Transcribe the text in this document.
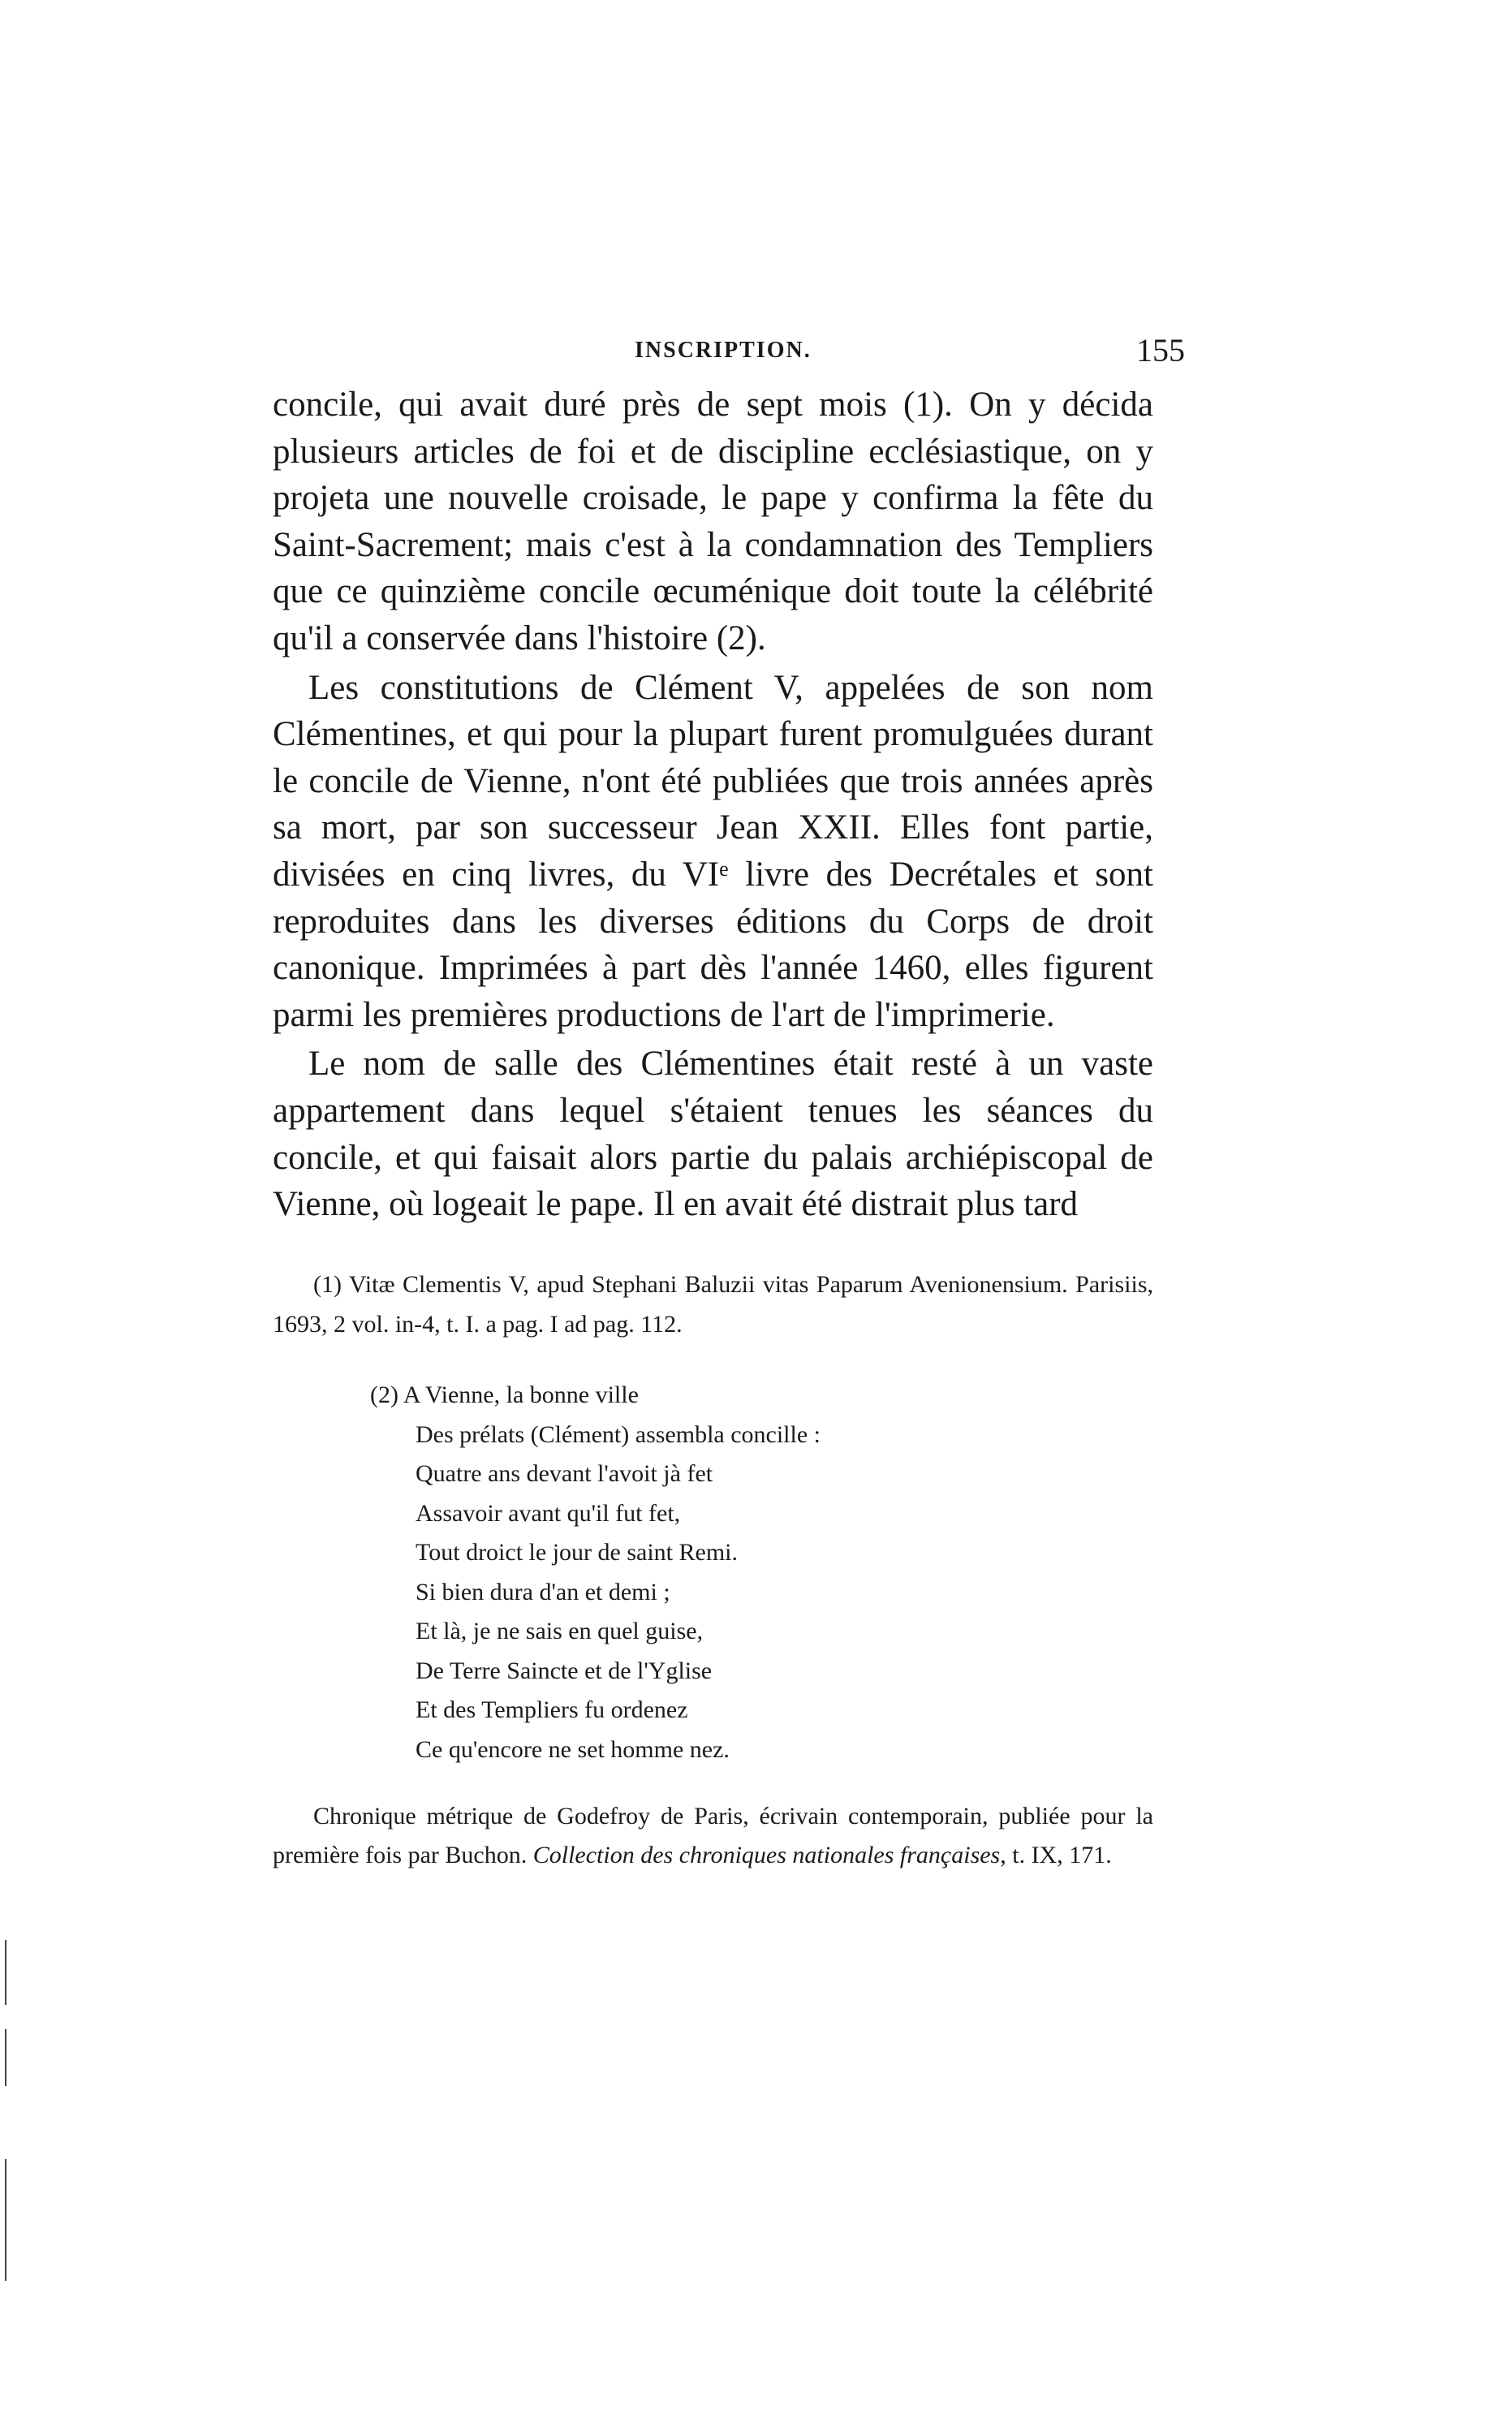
INSCRIPTION.	155

concile, qui avait duré près de sept mois (1). On y décida plusieurs articles de foi et de discipline ecclésiastique, on y projeta une nouvelle croisade, le pape y confirma la fête du Saint-Sacrement; mais c'est à la condamnation des Templiers que ce quinzième concile œcuménique doit toute la célébrité qu'il a conservée dans l'histoire (2).

Les constitutions de Clément V, appelées de son nom Clémentines, et qui pour la plupart furent promulguées durant le concile de Vienne, n'ont été publiées que trois années après sa mort, par son successeur Jean XXII. Elles font partie, divisées en cinq livres, du VIe livre des Decrétales et sont reproduites dans les diverses éditions du Corps de droit canonique. Imprimées à part dès l'année 1460, elles figurent parmi les premières productions de l'art de l'imprimerie.

Le nom de salle des Clémentines était resté à un vaste appartement dans lequel s'étaient tenues les séances du concile, et qui faisait alors partie du palais archiépiscopal de Vienne, où logeait le pape. Il en avait été distrait plus tard

(1) Vitæ Clementis V, apud Stephani Baluzii vitas Paparum Avenionensium. Parisiis, 1693, 2 vol. in-4, t. I. a pag. I ad pag. 112.

(2) A Vienne, la bonne ville
Des prélats (Clément) assembla concille :
Quatre ans devant l'avoit jà fet
Assavoir avant qu'il fut fet,
Tout droict le jour de saint Remi.
Si bien dura d'an et demi ;
Et là, je ne sais en quel guise,
De Terre Saincte et de l'Yglise
Et des Templiers fu ordenez
Ce qu'encore ne set homme nez.

Chronique métrique de Godefroy de Paris, écrivain contemporain, publiée pour la première fois par Buchon. Collection des chroniques nationales françaises, t. IX, 171.
